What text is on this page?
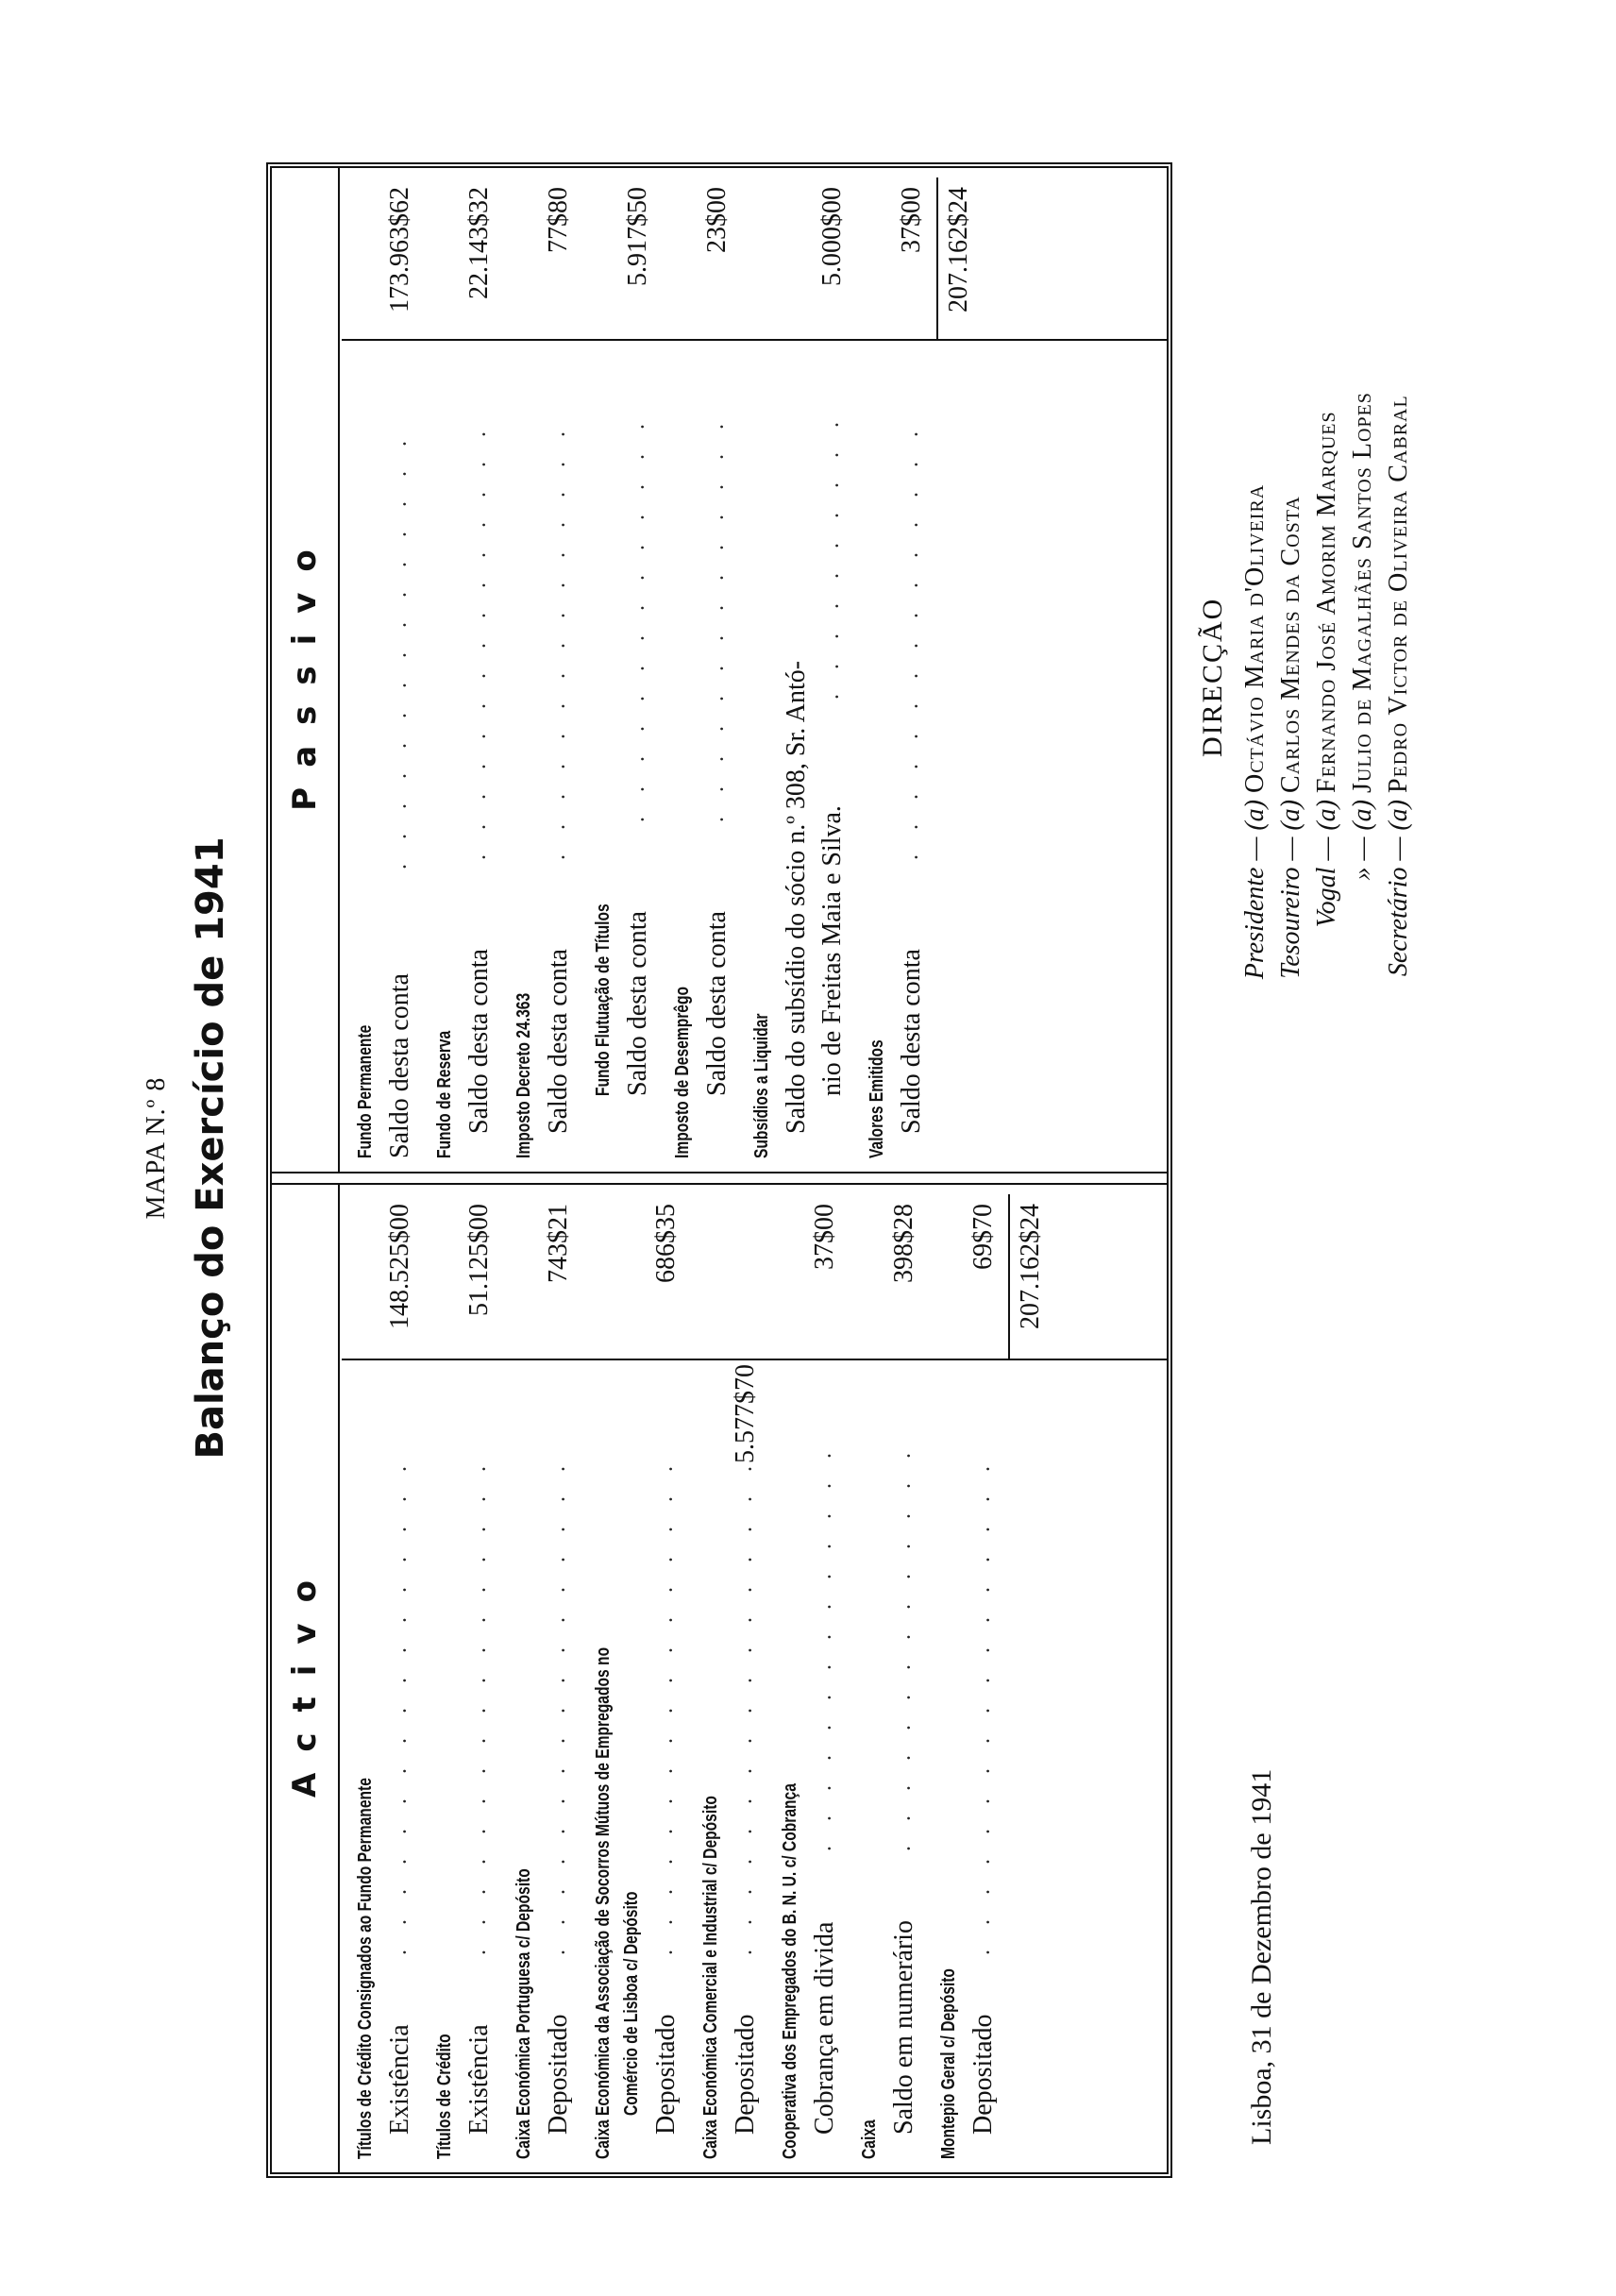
MAPA N.º 8 Balanço do Exercício de 1941
Activo
Títulos de Crédito Consignados ao Fundo Permanente Existência
.................
148.525$00
Títulos de Crédito Existência
.................
51.125$00
Caixa Económica Portuguesa c/ Depósito Depositado
.................
743$21
Caixa Económica da Associação de Socorros Mútuos de Empregados no Comércio de Lisboa c/ Depósito Depositado
.................
686$35
Caixa Económica Comercial e Industrial c/ Depósito Depositado
.................
5.577$70
Cooperativa dos Empregados do B. N. U. c/ Cobrança Cobrança em divida
..............
37$00
Caixa
Saldo em numerário
..............
398$28
Montepio Geral c/ Depósito Depositado
.................
69$70 207.162$24
Passivo
Fundo Permanente Saldo desta conta
...............
173.963$62
Fundo de Reserva Saldo desta conta
...............
22.143$32
Imposto Decreto 24.363 Saldo desta conta
...............
77$80
Fundo Flutuação de Títulos Saldo desta conta
..............
5.917$50
Imposto de Desemprêgo Saldo desta conta
..............
23$00
Subsídios a Liquidar Saldo do subsídio do sócio n.º 308, Sr. Antó- nio de Freitas Maia e Silva.
..........
5.000$00
Valores Emitidos Saldo desta conta
...............
37$00 207.162$24
Lisboa, 31 de Dezembro de 1941
DIRECÇÃO
Presidente — (a) Octávio Maria d'Oliveira
Tesoureiro — (a) Carlos Mendes da Costa
Vogal — (a) Fernando José Amorim Marques
» — (a) Julio de Magalhães Santos Lopes
Secretário — (a) Pedro Victor de Oliveira Cabral
